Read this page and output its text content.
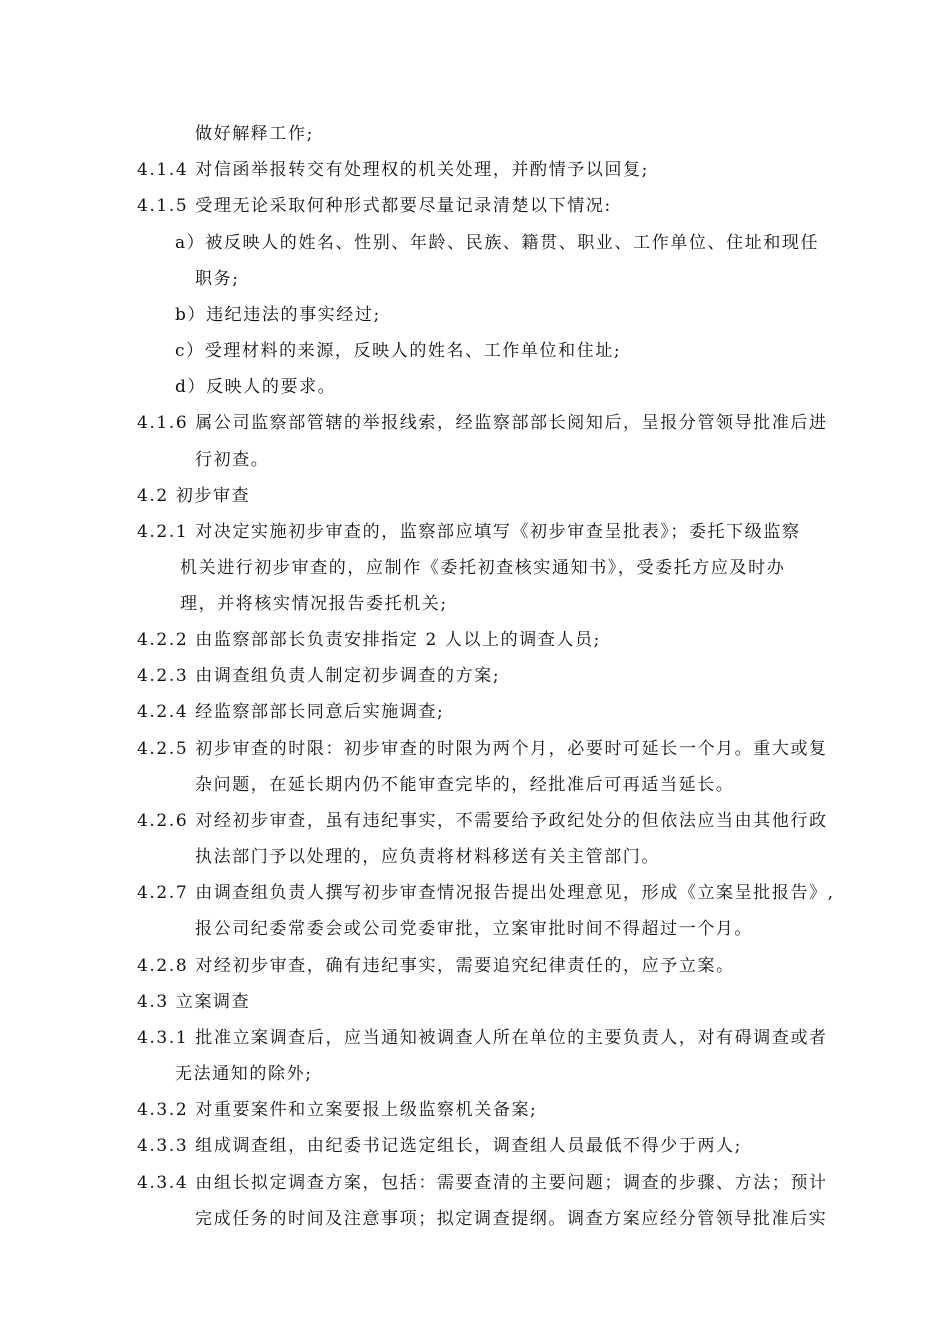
做好解释工作;
4.1.4 对信函举报转交有处理权的机关处理，并酌情予以回复;
4.1.5 受理无论采取何种形式都要尽量记录清楚以下情况:
a）被反映人的姓名、性别、年龄、民族、籍贯、职业、工作单位、住址和现任
职务;
b）违纪违法的事实经过;
c）受理材料的来源，反映人的姓名、工作单位和住址;
d）反映人的要求。
4.1.6 属公司监察部管辖的举报线索，经监察部部长阅知后，呈报分管领导批准后进
行初查。
4.2 初步审查
4.2.1 对决定实施初步审查的，监察部应填写《初步审查呈批表》；委托下级监察
机关进行初步审查的，应制作《委托初查核实通知书》，受委托方应及时办
理，并将核实情况报告委托机关;
4.2.2 由监察部部长负责安排指定 2 人以上的调查人员;
4.2.3 由调查组负责人制定初步调查的方案;
4.2.4 经监察部部长同意后实施调查;
4.2.5 初步审查的时限：初步审查的时限为两个月，必要时可延长一个月。重大或复
杂问题，在延长期内仍不能审查完毕的，经批准后可再适当延长。
4.2.6 对经初步审查，虽有违纪事实，不需要给予政纪处分的但依法应当由其他行政
执法部门予以处理的，应负责将材料移送有关主管部门。
4.2.7 由调查组负责人撰写初步审查情况报告提出处理意见，形成《立案呈批报告》,
报公司纪委常委会或公司党委审批，立案审批时间不得超过一个月。
4.2.8 对经初步审查，确有违纪事实，需要追究纪律责任的，应予立案。
4.3 立案调查
4.3.1 批准立案调查后，应当通知被调查人所在单位的主要负责人，对有碍调查或者
无法通知的除外;
4.3.2 对重要案件和立案要报上级监察机关备案;
4.3.3 组成调查组，由纪委书记选定组长，调查组人员最低不得少于两人;
4.3.4 由组长拟定调查方案，包括：需要查清的主要问题；调查的步骤、方法；预计
完成任务的时间及注意事项；拟定调查提纲。调查方案应经分管领导批准后实
